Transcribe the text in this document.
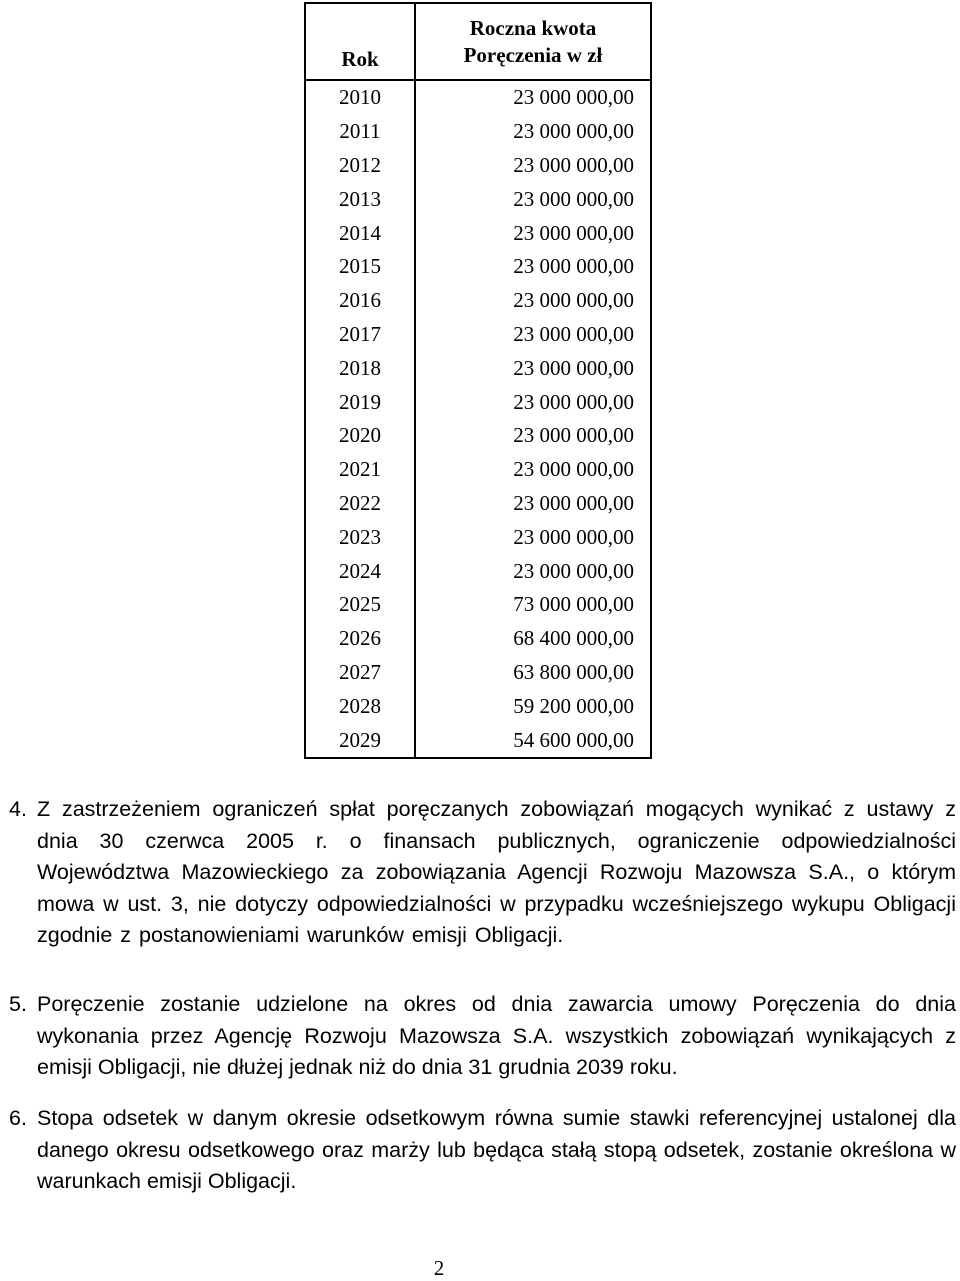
Rok	Roczna kwota
Poręczenia w zł
2010	23 000 000,00
2011	23 000 000,00
2012	23 000 000,00
2013	23 000 000,00
2014	23 000 000,00
2015	23 000 000,00
2016	23 000 000,00
2017	23 000 000,00
2018	23 000 000,00
2019	23 000 000,00
2020	23 000 000,00
2021	23 000 000,00
2022	23 000 000,00
2023	23 000 000,00
2024	23 000 000,00
2025	73 000 000,00
2026	68 400 000,00
2027	63 800 000,00
2028	59 200 000,00
2029	54 600 000,00

4. Z zastrzeżeniem ograniczeń spłat poręczanych zobowiązań mogących wynikać z ustawy z dnia 30 czerwca 2005 r. o finansach publicznych, ograniczenie odpowiedzialności Województwa Mazowieckiego za zobowiązania Agencji Rozwoju Mazowsza S.A., o którym mowa w ust. 3, nie dotyczy odpowiedzialności w przypadku wcześniejszego wykupu Obligacji zgodnie z postanowieniami warunków emisji Obligacji.

5. Poręczenie zostanie udzielone na okres od dnia zawarcia umowy Poręczenia do dnia wykonania przez Agencję Rozwoju Mazowsza S.A. wszystkich zobowiązań wynikających z emisji Obligacji, nie dłużej jednak niż do dnia 31 grudnia 2039 roku.

6. Stopa odsetek w danym okresie odsetkowym równa sumie stawki referencyjnej ustalonej dla danego okresu odsetkowego oraz marży lub będąca stałą stopą odsetek, zostanie określona w warunkach emisji Obligacji.

2
